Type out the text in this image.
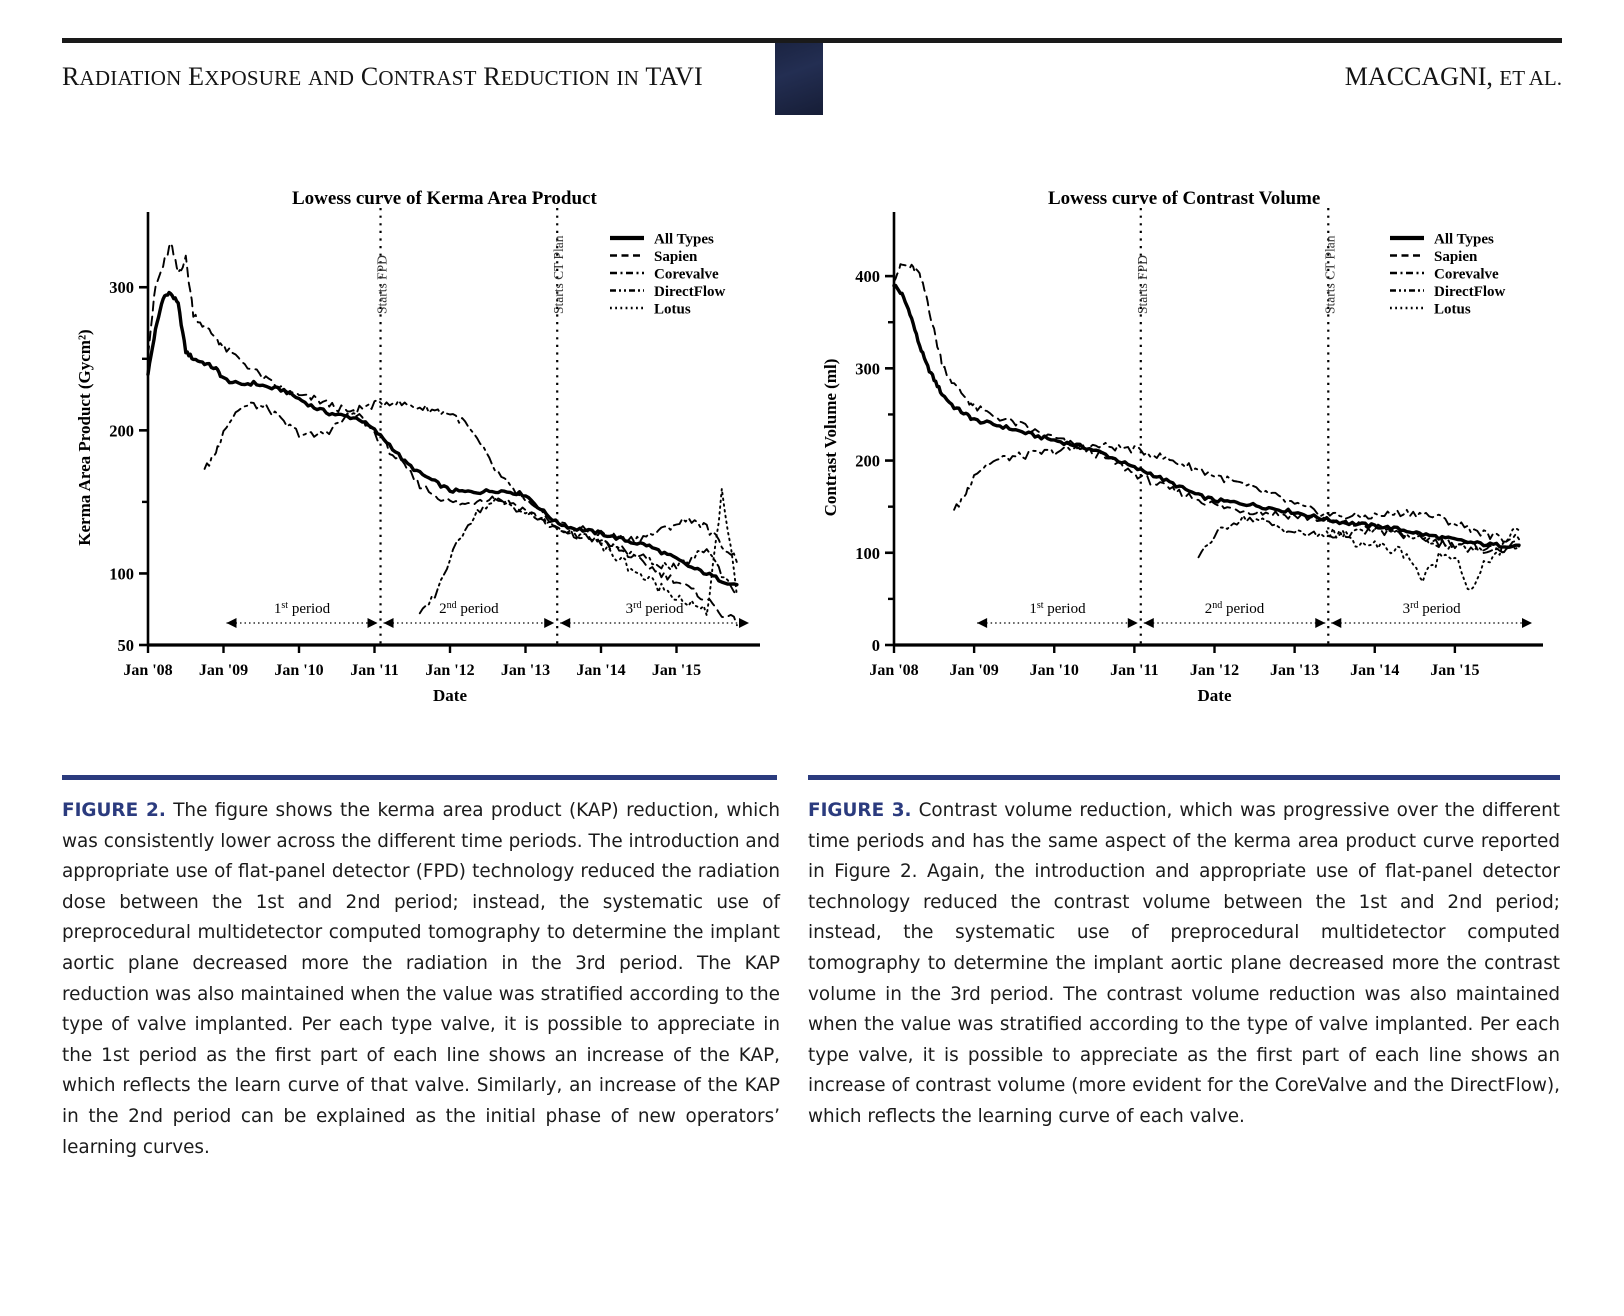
RADIATION EXPOSURE AND CONTRAST REDUCTION IN TAVI	MACCAGNI, ET AL.
Lowess curve of Kerma Area Product
50
100
200
300
Kerma Area Product (Gycm²)
Jan '08 Jan '09 Jan '10 Jan '11 Jan '12 Jan '13 Jan '14 Jan '15
Date
Starts FPD	Starts CT Plan
1st period	2nd period	3rd period
All Types
Sapien
Corevalve
DirectFlow
Lotus
Lowess curve of Contrast Volume
0
100
200
300
400
Contrast Volume (ml)
Jan '08 Jan '09 Jan '10 Jan '11 Jan '12 Jan '13 Jan '14 Jan '15
Date
Starts FPD	Starts CT Plan
1st period	2nd period	3rd period
All Types
Sapien
Corevalve
DirectFlow
Lotus
FIGURE 2. The figure shows the kerma area product (KAP) reduction, which was consistently lower across the different time periods. The introduction and appropriate use of flat-panel detector (FPD) technology reduced the radiation dose between the 1st and 2nd period; instead, the systematic use of preprocedural multidetector computed tomography to determine the implant aortic plane decreased more the radiation in the 3rd period. The KAP reduction was also maintained when the value was stratified according to the type of valve implanted. Per each type valve, it is possible to appreciate in the 1st period as the first part of each line shows an increase of the KAP, which reflects the learn curve of that valve. Similarly, an increase of the KAP in the 2nd period can be explained as the initial phase of new operators’ learning curves.
FIGURE 3. Contrast volume reduction, which was progressive over the different time periods and has the same aspect of the kerma area product curve reported in Figure 2. Again, the introduction and appropriate use of flat-panel detector technology reduced the contrast volume between the 1st and 2nd period; instead, the systematic use of preprocedural multidetector computed tomography to determine the implant aortic plane decreased more the contrast volume in the 3rd period. The contrast volume reduction was also maintained when the value was stratified according to the type of valve implanted. Per each type valve, it is possible to appreciate as the first part of each line shows an increase of contrast volume (more evident for the CoreValve and the DirectFlow), which reflects the learning curve of each valve.
